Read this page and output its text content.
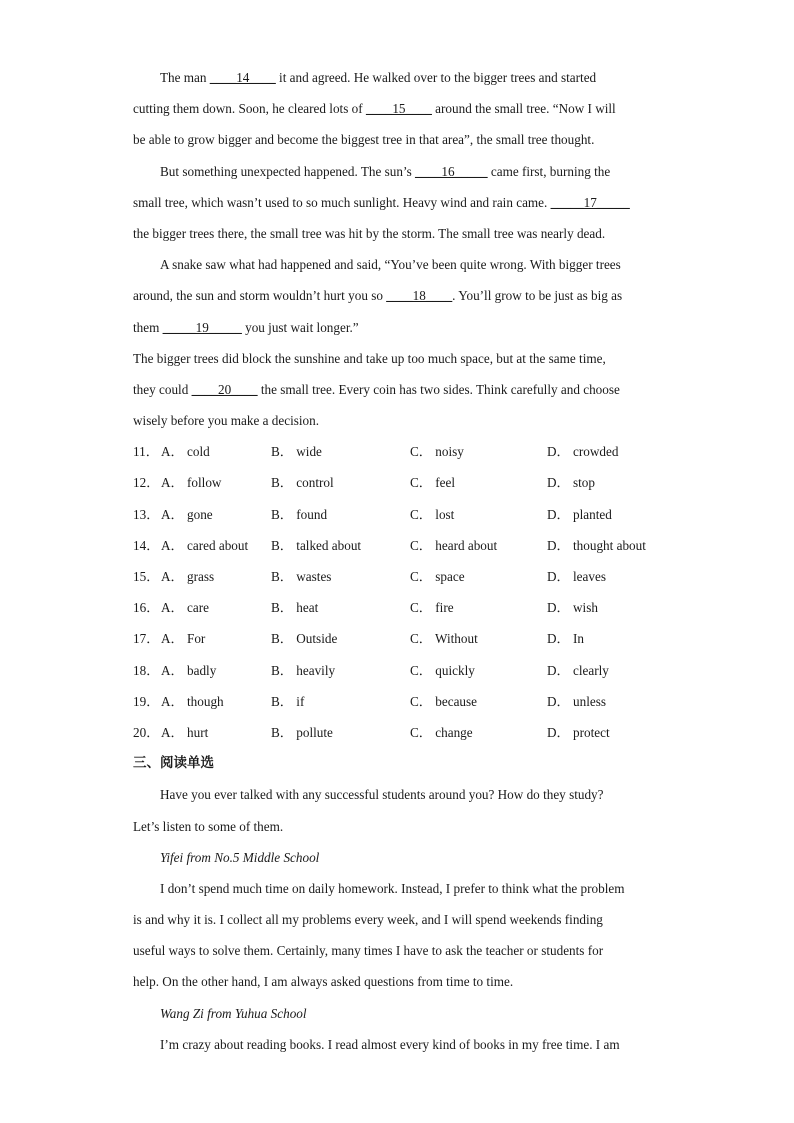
The man ____14____ it and agreed. He walked over to the bigger trees and started
cutting them down. Soon, he cleared lots of ____15____ around the small tree. “Now I will
be able to grow bigger and become the biggest tree in that area”, the small tree thought.
But something unexpected happened. The sun’s ____16_____ came first, burning the
small tree, which wasn’t used to so much sunlight. Heavy wind and rain came. _____17_____
the bigger trees there, the small tree was hit by the storm. The small tree was nearly dead.
A snake saw what had happened and said, “You’ve been quite wrong. With bigger trees
around, the sun and storm wouldn’t hurt you so ____18____. You’ll grow to be just as big as
them _____19_____ you just wait longer.”
The bigger trees did block the sunshine and take up too much space, but at the same time,
they could ____20____ the small tree. Every coin has two sides. Think carefully and choose
wisely before you make a decision.
11． A． cold	B． wide	C． noisy	D． crowded
12． A． follow	B． control	C． feel	D． stop
13． A． gone	B． found	C． lost	D． planted
14． A． cared about B． talked about	C． heard about	D． thought about
15． A． grass	B． wastes	C． space	D． leaves
16． A． care	B． heat	C． fire	D． wish
17． A． For	B． Outside	C． Without	D． In
18． A． badly	B． heavily	C． quickly	D． clearly
19． A． though	B． if	C． because	D． unless
20． A． hurt	B． pollute	C． change	D． protect
三、阅读单选
Have you ever talked with any successful students around you? How do they study?
Let’s listen to some of them.
Yifei from No.5 Middle School
I don’t spend much time on daily homework. Instead, I prefer to think what the problem
is and why it is. I collect all my problems every week, and I will spend weekends finding
useful ways to solve them. Certainly, many times I have to ask the teacher or students for
help. On the other hand, I am always asked questions from time to time.
Wang Zi from Yuhua School
I’m crazy about reading books. I read almost every kind of books in my free time. I am
